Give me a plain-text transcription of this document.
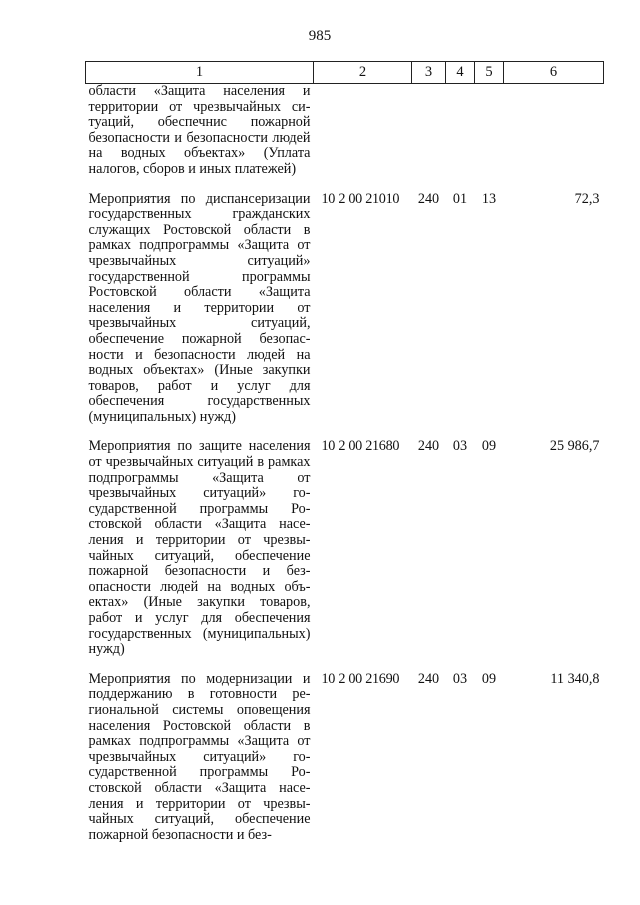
985
1	2	3	4	5	6
области «Защита населения и территории от чрезвычайных ситуаций, обеспечнис пожарной безопасности и безопасности людей на водных объектах» (Уплата налогов, сборов и иных платежей)					
Мероприятия по диспансеризации государственных гражданских служащих Ростовской области в рамках подпрограммы «Защита от чрезвычайных ситуаций» государственной программы Ростовской области «Защита населения и территории от чрезвычайных ситуаций, обеспечение пожарной безопасности и безопасности людей на водных объектах» (Иные закупки товаров, работ и услуг для обеспечения государственных (муниципальных) нужд)	10 2 00 21010	240	01	13	72,3
Мероприятия по защите населения от чрезвычайных ситуаций в рамках подпрограммы «Защита от чрезвычайных ситуаций» государственной программы Ростовской области «Защита населения и территории от чрезвычайных ситуаций, обеспечение пожарной безопасности и безопасности людей на водных объектах» (Иные закупки товаров, работ и услуг для обеспечения государственных (муниципальных) нужд)	10 2 00 21680	240	03	09	25 986,7
Мероприятия по модернизации и поддержанию в готовности региональной системы оповещения населения Ростовской области в рамках подпрограммы «Защита от чрезвычайных ситуаций» государственной программы Ростовской области «Защита населения и территории от чрезвычайных ситуаций, обеспечение пожарной безопасности и без-	10 2 00 21690	240	03	09	11 340,8
